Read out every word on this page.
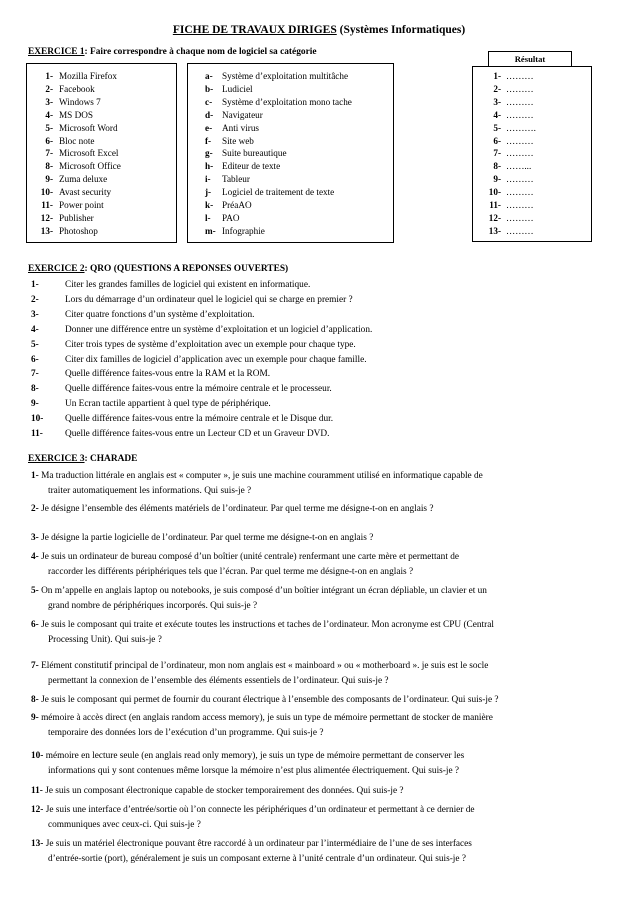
FICHE DE TRAVAUX DIRIGES (Systèmes Informatiques)
EXERCICE 1: Faire correspondre à chaque nom de logiciel sa catégorie
Résultat
1- Mozilla Firefox
2- Facebook
3- Windows 7
4- MS DOS
5- Microsoft Word
6- Bloc note
7- Microsoft Excel
8- Microsoft Office
9- Zuma deluxe
10- Avast security
11- Power point
12- Publisher
13- Photoshop
a-	Système d’exploitation multitâche
b- Ludiciel
c-	Système d’exploitation mono tache
d- Navigateur
e-	Anti virus
f-	Site web
g-	Suite bureautique
h- Editeur de texte
i-	Tableur
j-	Logiciel de traitement de texte
k- PréaAO
l-	PAO
m- Infographie
1- ………
2- ………
3- ………
4- ………
5- ……….
6- ………
7- ………
8- ……...
9- ………
10- ………
11- ………
12- ………
13- ………
EXERCICE 2: QRO (QUESTIONS A REPONSES OUVERTES)
1-	Citer les grandes familles de logiciel qui existent en informatique.
2-	Lors du démarrage d’un ordinateur quel le logiciel qui se charge en premier ?
3-	Citer quatre fonctions d’un système d’exploitation.
4-	Donner une différence entre un système d’exploitation et un logiciel d’application.
5-	Citer trois types de système d’exploitation avec un exemple pour chaque type.
6-	Citer dix familles de logiciel d’application avec un exemple pour chaque famille.
7-	Quelle différence faites-vous entre la RAM et la ROM.
8-	Quelle différence faites-vous entre la mémoire centrale et le processeur.
9-	Un Ecran tactile appartient à quel type de périphérique.
10-	Quelle différence faites-vous entre la mémoire centrale et le Disque dur.
11-	Quelle différence faites-vous entre un Lecteur CD et un Graveur DVD.
EXERCICE 3: CHARADE
1- Ma traduction littérale en anglais est « computer », je suis une machine couramment utilisé en informatique capable de
traiter automatiquement les informations. Qui suis-je ?
2- Je désigne l’ensemble des éléments matériels de l’ordinateur. Par quel terme me désigne-t-on en anglais ?
3- Je désigne la partie logicielle de l’ordinateur. Par quel terme me désigne-t-on en anglais ?
4- Je suis un ordinateur de bureau composé d’un boîtier (unité centrale) renfermant une carte mère et permettant de
raccorder les différents périphériques tels que l’écran. Par quel terme me désigne-t-on en anglais ?
5- On m’appelle en anglais laptop ou notebooks, je suis composé d’un boîtier intégrant un écran dépliable, un clavier et un
grand nombre de périphériques incorporés. Qui suis-je ?
6- Je suis le composant qui traite et exécute toutes les instructions et taches de l’ordinateur. Mon acronyme est CPU (Central
Processing Unit). Qui suis-je ?
7- Elément constitutif principal de l’ordinateur, mon nom anglais est « mainboard » ou « motherboard ». je suis est le socle
permettant la connexion de l’ensemble des éléments essentiels de l’ordinateur. Qui suis-je ?
8- Je suis le composant qui permet de fournir du courant électrique à l’ensemble des composants de l’ordinateur. Qui suis-je ?
9- mémoire à accès direct (en anglais random access memory), je suis un type de mémoire permettant de stocker de manière
temporaire des données lors de l’exécution d’un programme. Qui suis-je ?
10- mémoire en lecture seule (en anglais read only memory), je suis un type de mémoire permettant de conserver les
informations qui y sont contenues même lorsque la mémoire n’est plus alimentée électriquement. Qui suis-je ?
11- Je suis un composant électronique capable de stocker temporairement des données. Qui suis-je ?
12- Je suis une interface d’entrée/sortie où l’on connecte les périphériques d’un ordinateur et permettant à ce dernier de
communiques avec ceux-ci. Qui suis-je ?
13- Je suis un matériel électronique pouvant être raccordé à un ordinateur par l’intermédiaire de l’une de ses interfaces
d’entrée-sortie (port), généralement je suis un composant externe à l’unité centrale d’un ordinateur. Qui suis-je ?
